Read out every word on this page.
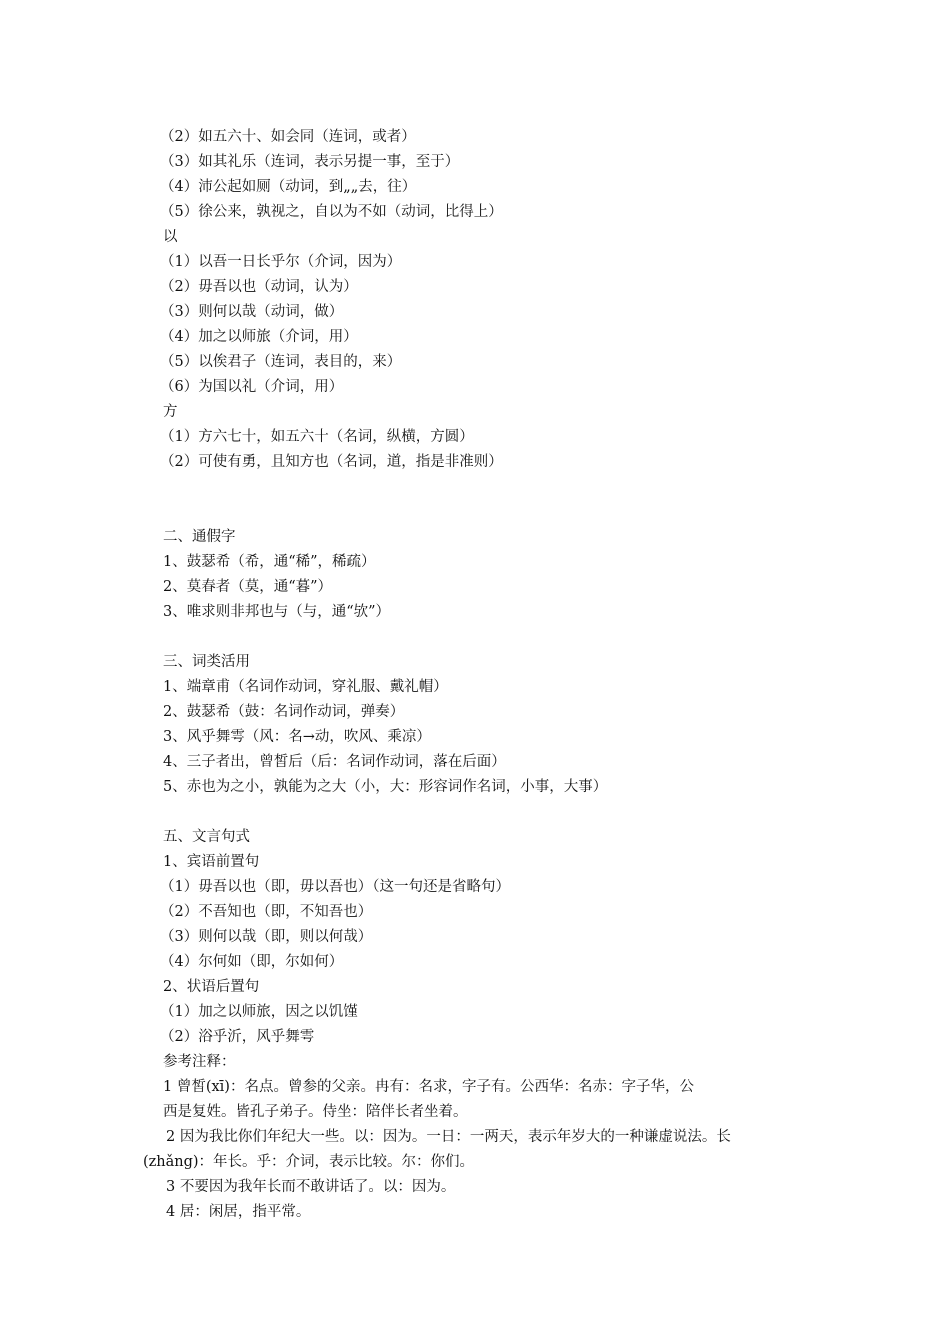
（2）如五六十、如会同（连词，或者）
（3）如其礼乐（连词，表示另提一事，至于）
（4）沛公起如厕（动词，到„„去，往）
（5）徐公来，孰视之，自以为不如（动词，比得上）
以
（1）以吾一日长乎尔（介词，因为）
（2）毋吾以也（动词，认为）
（3）则何以哉（动词，做）
（4）加之以师旅（介词，用）
（5）以俟君子（连词，表目的，来）
（6）为国以礼（介词，用）
方
（1）方六七十，如五六十（名词，纵横，方圆）
（2）可使有勇，且知方也（名词，道，指是非准则）
二、通假字
1、鼓瑟希（希，通“稀”，稀疏）
2、莫春者（莫，通“暮”）
3、唯求则非邦也与（与，通“欤”）
三、词类活用
1、端章甫（名词作动词，穿礼服、戴礼帽）
2、鼓瑟希（鼓：名词作动词，弹奏）
3、风乎舞雩（风：名→动，吹风、乘凉）
4、三子者出，曾皙后（后：名词作动词，落在后面）
5、赤也为之小，孰能为之大（小，大：形容词作名词，小事，大事）
五、文言句式
1、宾语前置句
（1）毋吾以也（即，毋以吾也）（这一句还是省略句）
（2）不吾知也（即，不知吾也）
（3）则何以哉（即，则以何哉）
（4）尔何如（即，尔如何）
2、状语后置句
（1）加之以师旅，因之以饥馑
（2）浴乎沂，风乎舞雩
参考注释：
1 曾皙(xī)：名点。曾参的父亲。冉有：名求，字子有。公西华：名赤：字子华，公
西是复姓。皆孔子弟子。侍坐：陪伴长者坐着。
2 因为我比你们年纪大一些。以：因为。一日：一两天，表示年岁大的一种谦虚说法。长
(zhǎng)：年长。乎：介词，表示比较。尔：你们。
3 不要因为我年长而不敢讲话了。以：因为。
4 居：闲居，指平常。
